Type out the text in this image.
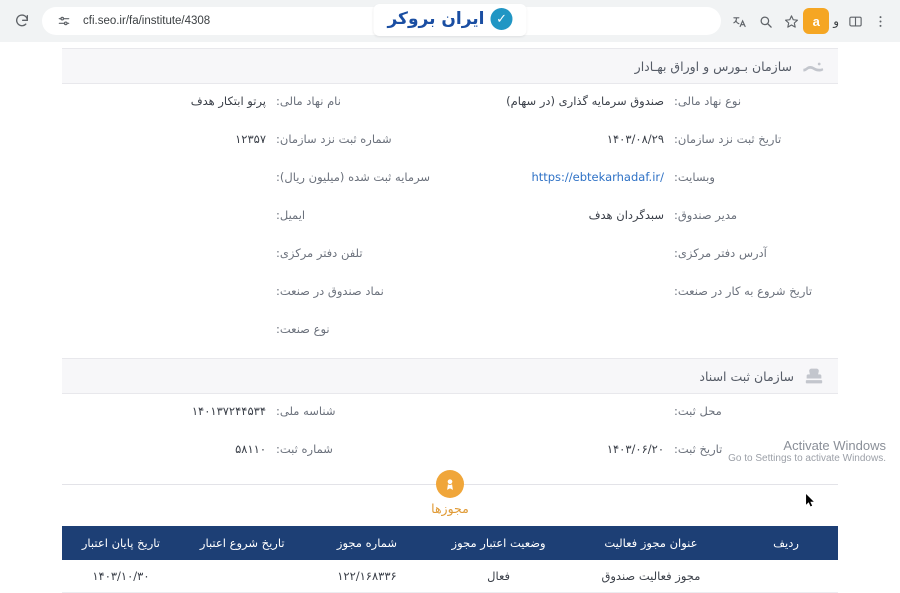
cfi.seo.ir/fa/institute/4308	a	و
ایران بروکر ✓
سازمان بـورس و اوراق بهـادار
نوع نهاد مالی:
صندوق سرمایه گذاری (در سهام)
تاریخ ثبت نزد سازمان:
۱۴۰۳/۰۸/۲۹
وبسایت:
https://ebtekarhadaf.ir/
مدیر صندوق:
سبدگردان هدف
آدرس دفتر مرکزی:
تاریخ شروع به کار در صنعت:
نام نهاد مالی:
پرتو ابتکار هدف
شماره ثبت نزد سازمان:
۱۲۳۵۷
سرمایه ثبت شده (میلیون ریال):
ایمیل:
تلفن دفتر مرکزی:
نماد صندوق در صنعت:
نوع صنعت:
سازمان ثبت اسناد
محل ثبت:
تاریخ ثبت:
۱۴۰۳/۰۶/۲۰
شناسه ملی:
۱۴۰۱۳۷۲۴۴۵۳۴
شماره ثبت:
۵۸۱۱۰
مجوزها
ردیف	عنوان مجوز فعالیت	وضعیت اعتبار مجوز	شماره مجوز	تاریخ شروع اعتبار	تاریخ پایان اعتبار
	مجوز فعالیت صندوق	فعال	۱۲۲/۱۶۸۳۳۶		۱۴۰۳/۱۰/۳۰
Activate Windows
Go to Settings to activate Windows.
